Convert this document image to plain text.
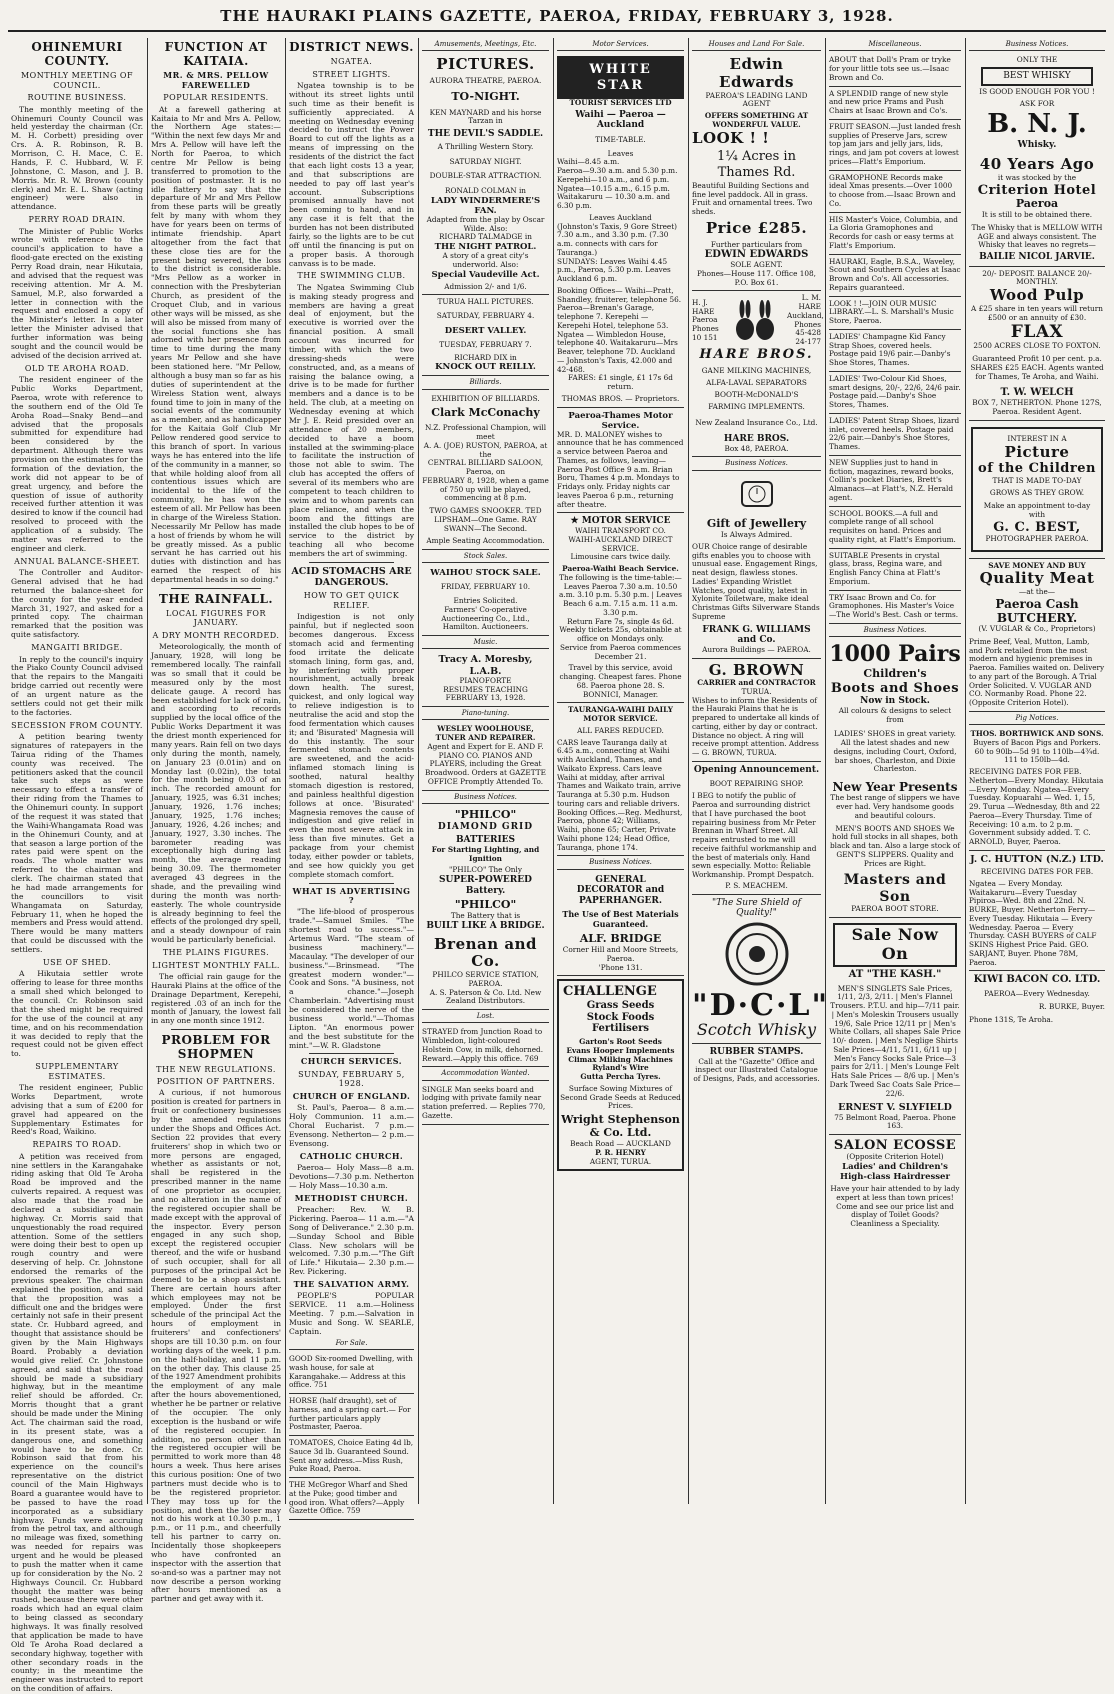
THE HAURAKI PLAINS GAZETTE, PAEROA, FRIDAY, FEBRUARY 3, 1928.
OHINEMURI COUNTY.
MONTHLY MEETING OF COUNCIL.
ROUTINE BUSINESS.

The monthly meeting of the Ohinemuri County Council was held yesterday the chairman (Cr. M. H. Corbett) presiding over Crs. A. R. Robinson, R. B. Morrison, C. H. Mace, C. E. Hands, F. C. Hubbard, W. F. Johnstone, C. Mason, and J. B. Morris. Mr. R. W. Brown (county clerk) and Mr. E. L. Shaw (acting engineer) were also in attendance.

PERRY ROAD DRAIN.

The Minister of Public Works wrote with reference to the council's application to have a flood-gate erected on the existing Perry Road drain, near Hikutaia, and advised that the request was receiving attention. Mr A. M. Samuel, M.P., also forwarded a letter in connection with the request and enclosed a copy of the Minister's letter. In a later letter the Minister advised that further information was being sought and the council would be advised of the decision arrived at.

OLD TE AROHA ROAD.

The resident engineer of the Public Works Department, Paeroa, wrote with reference to the southern end of the Old Te Aroha Road—Snaky Bend—and advised that the proposals submitted for expenditure had been considered by the department. Although there was provision on the estimates for the formation of the deviation, the work did not appear to be of great urgency, and before the question of issue of authority received further attention it was desired to know if the council had resolved to proceed with the application of a subsidy. The matter was referred to the engineer and clerk.

ANNUAL BALANCE-SHEET.

The Controller and Auditor-General advised that he had returned the balance-sheet for the county for the year ended March 31, 1927, and asked for a printed copy. The chairman remarked that the position was quite satisfactory.

MANGAITI BRIDGE.

In reply to the council's inquiry the Piako County Council advised that the repairs to the Mangaiti bridge carried out recently were of an urgent nature as the settlers could not get their milk to the factories.

SECESSION FROM COUNTY.

A petition bearing twenty signatures of ratepayers in the Tairua riding of the Thames county was received. The petitioners asked that the council take such steps as were necessary to effect a transfer of their riding from the Thames to the Ohinemuri county. In support of the request it was stated that the Waihi-Whangamata Road was in the Ohinemuri County, and at that season a large portion of the rates paid were spent on the roads. The whole matter was referred to the chairman and clerk. The chairman stated that he had made arrangements for the councillors to visit Whangamata on Saturday, February 11, when he hoped the members and Press would attend. There would be many matters that could be discussed with the settlers.

USE OF SHED.

A Hikutaia settler wrote offering to lease for three months a small shed which belonged to the council. Cr. Robinson said that the shed might be required for the use of the council at any time, and on his recommendation it was decided to reply that the request could not be given effect to.

SUPPLEMENTARY ESTIMATES.

The resident engineer, Public Works Department, wrote advising that a sum of £200 for gravel had appeared on the Supplementary Estimates for Reed's Road, Waikino.

REPAIRS TO ROAD.

A petition was received from nine settlers in the Karangahake riding asking that Old Te Aroha Road be improved and the culverts repaired. A request was also made that the road be declared a subsidiary main highway. Cr. Morris said that unquestionably the road required attention. Some of the settlers were doing their best to open up rough country and were deserving of help. Cr. Johnstone endorsed the remarks of the previous speaker. The chairman explained the position, and said that the proposition was a difficult one and the bridges were certainly not safe in their present state. Cr. Hubbard agreed, and thought that assistance should be given by the Main Highways Board. Probably a deviation would give relief. Cr. Johnstone agreed, and said that the road should be made a subsidiary highway, but in the meantime relief should be afforded. Cr. Morris thought that a grant should be made under the Mining Act. The chairman said the road, in its present state, was a dangerous one, and something would have to be done. Cr. Robinson said that from his experience on the council's representative on the district council of the Main Highways Board a guarantee would have to be passed to have the road incorporated as a subsidiary highway. Funds were accruing from the petrol tax, and although no mileage was fixed, something was needed for repairs was urgent and he would be pleased to push the matter when it came up for consideration by the No. 2 Highways Council. Cr. Hubbard thought the matter was being rushed, because there were other roads which had an equal claim to being classed as secondary highways. It was finally resolved that application be made to have Old Te Aroha Road declared a secondary highway, together with other secondary roads in the county; in the meantime the engineer was instructed to report on the condition of affairs.

FUNCTION AT KAITAIA.
MR. & MRS. PELLOW FAREWELLED
POPULAR RESIDENTS.

At a farewell gathering at Kaitaia to Mr and Mrs A. Pellow, the Northern Age states:— "Within the next few days Mr and Mrs A. Pellow will have left the North for Paeroa, to which centre Mr Pellow is being transferred to promotion to the position of postmaster. It is no idle flattery to say that the departure of Mr and Mrs Pellow from these parts will be greatly felt by many with whom they have for years been on terms of intimate friendship. Apart altogether from the fact that these close ties are for the present being severed, the loss to the district is considerable. "Mrs Pellow as a worker in connection with the Presbyterian Church, as president of the Croquet Club, and in various other ways will be missed, as she will also be missed from many of the social functions she has adorned with her presence from time to time during the many years Mr Pellow and she have been stationed here. "Mr Pellow, although a busy man so far as his duties of superintendent at the Wireless Station went, always found time to join in many of the social events of the community as a member, and as handicapper for the Kaitaia Golf Club Mr Pellow rendered good service to this branch of sport. In various ways he has entered into the life of the community in a manner, so that while holding aloof from all contentious issues which are incidental to the life of the community, he has won the esteem of all. Mr Pellow has been in charge of the Wireless Station. Necessarily Mr Pellow has made a host of friends by whom he will be greatly missed. As a public servant he has carried out his duties with distinction and has earned the respect of his departmental heads in so doing."

THE RAINFALL.
LOCAL FIGURES FOR JANUARY.
A DRY MONTH RECORDED.

Meteorologically, the month of January, 1928, will long be remembered locally. The rainfall was so small that it could be measured only by the most delicate gauge. A record has been established for lack of rain, and according to records supplied by the local office of the Public Works Department it was the driest month experienced for many years. Rain fell on two days only during the month, namely, on January 23 (0.01in) and on Monday last (0.02in), the total for the month being 0.03 of an inch. The recorded amount for January, 1925, was 6.31 inches; January, 1926, 1.76 inches; January, 1925, 1.76 inches; January, 1926, 4.26 inches; and January, 1927, 3.30 inches. The barometer reading was exceptionally high during last month, the average reading being 30.09. The thermometer averaged 43 degrees in the shade, and the prevailing wind during the month was north-easterly. The whole countryside is already beginning to feel the effects of the prolonged dry spell, and a steady downpour of rain would be particularly beneficial.

THE PLAINS FIGURES.
LIGHTEST MONTHLY FALL.

The official rain gauge for the Hauraki Plains at the office of the Drainage Department, Kerepehi, registered .03 of an inch for the month of January, the lowest fall in any one month since 1912.

PROBLEM FOR SHOPMEN
THE NEW REGULATIONS.
POSITION OF PARTNERS.

A curious, if not humorous position is created for partners in fruit or confectionery businesses by the amended regulations under the Shops and Offices Act. Section 22 provides that every fruiterers' shop in which two or more persons are engaged, whether as assistants or not, shall be registered in the prescribed manner in the name of one proprietor as occupier, and no alteration in the name of the registered occupier shall be made except with the approval of the inspector. Every person engaged in any such shop, except the registered occupier thereof, and the wife or husband of such occupier, shall for all purposes of the principal Act be deemed to be a shop assistant. There are certain hours after which employees may not be employed. Under the first schedule of the principal Act the hours of employment in fruiterers' and confectioners' shops are till 10.30 p.m. on four working days of the week, 1 p.m. on the half-holiday, and 11 p.m. on the other day. This clause 25 of the 1927 Amendment prohibits the employment of any male after the hours abovementioned, whether he be partner or relative of the occupier. The only exception is the husband or wife of the registered occupier. In addition, no person other than the registered occupier will be permitted to work more than 48 hours a week. Thus here arises this curious position: One of two partners must decide who is to be the registered proprietor. They may toss up for the position, and then the loser may not do his work at 10.30 p.m., 1 p.m., or 11 p.m., and cheerfully tell his partner to carry on. Incidentally those shopkeepers who have confronted an inspector with the assertion that so-and-so was a partner may not now describe a person working after hours mentioned as a partner and get away with it.

DISTRICT NEWS.
NGATEA.
STREET LIGHTS.

Ngatea township is to be without its street lights until such time as their benefit is sufficiently appreciated. A meeting on Wednesday evening decided to instruct the Power Board to cut off the lights as a means of impressing on the residents of the district the fact that each light costs 13 a year, and that subscriptions are needed to pay off last year's account. Subscriptions promised annually have not been coming to hand, and in any case it is felt that the burden has not been distributed fairly, so the lights are to be cut off until the financing is put on a proper basis. A thorough canvass is to be made.

THE SWIMMING CLUB.

The Ngatea Swimming Club is making steady progress and members are having a great deal of enjoyment, but the executive is worried over the financial position. A small account was incurred for timber, with which the two dressing-sheds were constructed, and, as a means of raising the balance owing, a drive is to be made for further members and a dance is to be held. The club, at a meeting on Wednesday evening at which Mr J. E. Reid presided over an attendance of 20 members, decided to have a boom installed at the swimming-place to facilitate the instruction of those not able to swim. The club has accepted the offers of several of its members who are competent to teach children to swim and to whom parents can place reliance, and when the boom and the fittings are installed the club hopes to be of service to the district by teaching all who become members the art of swimming.

ACID STOMACHS ARE DANGEROUS.
HOW TO GET QUICK RELIEF.

Indigestion is not only painful, but if neglected soon becomes dangerous. Excess stomach acid and fermenting food irritate the delicate stomach lining, form gas, and, by interfering with proper nourishment, actually break down health. The surest, quickest, and only logical way to relieve indigestion is to neutralise the acid and stop the food fermentation which causes it; and 'Bisurated' Magnesia will do this instantly. The sour fermented stomach contents are sweetened, and the acid-inflamed stomach lining is soothed, natural healthy stomach digestion is restored, and painless healthful digestion follows at once. 'Bisurated' Magnesia removes the cause of indigestion and give relief in even the most severe attack in less than five minutes. Get a package from your chemist today, either powder or tablets, and see how quickly you get complete stomach comfort.

WHAT IS ADVERTISING ?

"The life-blood of prosperous trade."—Samuel Smiles. "The shortest road to success."—Artemus Ward. "The steam of business machinery."—Macaulay. "The developer of our business."—Brinsmead. "The greatest modern wonder."—Cook and Sons. "A business, not a chance."—Joseph Chamberlain. "Advertising must be considered the nerve of the business world."—Thomas Lipton. "An enormous power and the best substitute for the mint."—W. R. Gladstone

CHURCH SERVICES.
SUNDAY, FEBRUARY 5, 1928.
CHURCH OF ENGLAND.

St. Paul's, Paeroa— 8 a.m.—Holy Communion. 11 a.m.—Choral Eucharist. 7 p.m.—Evensong. Netherton— 2 p.m.—Evensong.

CATHOLIC CHURCH.

Paeroa— Holy Mass—8 a.m. Devotions—7.30 p.m. Netherton— Holy Mass—10.30 a.m.

METHODIST CHURCH.

Preacher: Rev. W. B. Pickering. Paeroa— 11 a.m.—"A Song of Deliverance." 2.30 p.m.—Sunday School and Bible Class. New scholars will be welcomed. 7.30 p.m.—"The Gift of Life." Hikutaia— 2.30 p.m.—Rev. Pickering.

THE SALVATION ARMY.

PEOPLE'S POPULAR SERVICE. 11 a.m.—Holiness Meeting. 7 p.m.—Salvation in Music and Song. W. SEARLE, Captain.

For Sale.
GOOD Six-roomed Dwelling, with wash house, for sale at Karangahake.— Address at this office. 751
HORSE (half draught), set of harness, and a spring cart.— For further particulars apply Postmaster, Paeroa.
TOMATOES, Choice Eating 4d lb, Sauce 3d lb. Guaranteed Sound. Sent any address.—Miss Rush, Puke Road, Paeroa.
THE McGregor Wharf and Shed at the Puke; good timber and good iron. What offers?—Apply Gazette Office. 759
Amusements, Meetings, Etc.
PICTURES.
AURORA THEATRE, PAEROA.
TO-NIGHT.
KEN MAYNARD and his horse Tarzan in
THE DEVIL'S SADDLE.
A Thrilling Western Story.
SATURDAY NIGHT.
DOUBLE-STAR ATTRACTION.
RONALD COLMAN in
LADY WINDERMERE'S FAN.
Adapted from the play by Oscar Wilde. Also:
RICHARD TALMADGE in
THE NIGHT PATROL.
A story of a great city's underworld. Also:
Special Vaudeville Act.
Admission 2/- and 1/6.
TURUA HALL PICTURES.
SATURDAY, FEBRUARY 4.
DESERT VALLEY.
TUESDAY, FEBRUARY 7.
RICHARD DIX in
KNOCK OUT REILLY.
Billiards.
EXHIBITION OF BILLIARDS.
Clark McConachy
N.Z. Professional Champion, will meet
A. A. (JOE) RUSTON, PAEROA, at the
CENTRAL BILLIARD SALOON, Paeroa, on
FEBRUARY 8, 1928, when a game of 750 up will be played, commencing at 8 p.m.
TWO GAMES SNOOKER. TED LIPSHAM—One Game. RAY SWANN—The Second.
Ample Seating Accommodation.
Stock Sales.
WAIHOU STOCK SALE.
FRIDAY, FEBRUARY 10.
Entries Solicited.
Farmers' Co-operative Auctioneering Co., Ltd., Hamilton. Auctioneers.
Music.
Tracy A. Moresby, L.A.B.
PIANOFORTE
RESUMES TEACHING
FEBRUARY 13, 1928.
Piano-tuning.
WESLEY WOOLHOUSE, TUNER AND REPAIRER.
Agent and Expert for E. AND F. PIANO CO. PIANOS AND PLAYERS, including the Great Broadwood. Orders at GAZETTE OFFICE Promptly Attended To.
Business Notices.
"PHILCO"
DIAMOND GRID
BATTERIES
For Starting Lighting, and Ignition
"PHILCO" The Only
SUPER-POWERED
Battery.
"PHILCO"
The Battery that is
BUILT LIKE A BRIDGE.
Brenan and Co.
PHILCO SERVICE STATION, PAEROA.
A. S. Paterson & Co. Ltd. New Zealand Distributors.
Lost.
STRAYED from Junction Road to Wimbledon, light-coloured Holstein Cow, in milk, dehorned. Reward.—Apply this office. 769
Accommodation Wanted.
SINGLE Man seeks board and lodging with private family near station preferred. — Replies 770, Gazette.
Motor Services.
WHITE STAR
TOURIST SERVICES LTD
Waihi — Paeroa — Auckland
TIME-TABLE.
Leaves
Waihi—8.45 a.m.
Paeroa—9.30 a.m. and 5.30 p.m.
Kerepehi—10 a.m., and 6 p.m.
Ngatea—10.15 a.m., 6.15 p.m.
Waitakaruru — 10.30 a.m. and 6.30 p.m.
Leaves Auckland
(Johnston's Taxis, 9 Gore Street) 7.30 a.m., and 3.30 p.m. (7.30 a.m. connects with cars for Tauranga.)
SUNDAYS: Leaves Waihi 4.45 p.m., Paeroa, 5.30 p.m. Leaves Auckland 6 p.m.
Booking Offices— Waihi—Pratt, Shandley, fruiterer, telephone 56. Paeroa—Brenan's Garage, telephone 7. Kerepehi — Kerepehi Hotel, telephone 53. Ngatea — Wimbledon House, telephone 40. Waitakaruru—Mrs Beaver, telephone 7D. Auckland — Johnston's Taxis, 42.000 and 42-468.
FARES: £1 single, £1 17s 6d return.
THOMAS BROS. — Proprietors.
Paeroa-Thames Motor Service.
MR. D. MALONEY wishes to announce that he has commenced a service between Paeroa and Thames, as follows, leaving— Paeroa Post Office 9 a.m. Brian Boru, Thames 4 p.m. Mondays to Fridays only. Friday nights car leaves Paeroa 6 p.m., returning after theatre.
★ MOTOR SERVICE
WAIHI TRANSPORT CO.
WAIHI-AUCKLAND DIRECT SERVICE.
Limousine cars twice daily.
Paeroa-Waihi Beach Service.
The following is the time-table:—
Leaves Paeroa 7.30 a.m. 10.50 a.m. 3.10 p.m. 5.30 p.m. | Leaves Beach 6 a.m. 7.15 a.m. 11 a.m. 3.30 p.m.
Return Fare 7s, single 4s 6d.
Weekly tickets 25s, obtainable at office on Mondays only.
Service from Paeroa commences December 21.
Travel by this service, avoid changing. Cheapest fares. Phone 68. Paeroa phone 28. S. BONNICI, Manager.
TAURANGA-WAIHI DAILY MOTOR SERVICE.
ALL FARES REDUCED.
CARS leave Tauranga daily at 6.45 a.m., connecting at Waihi with Auckland, Thames, and Waikato Express. Cars leave Waihi at midday, after arrival Thames and Waikato train, arrive Tauranga at 5.30 p.m. Hudson touring cars and reliable drivers. Booking Offices.—Reg. Medhurst, Paeroa, phone 42; Williams, Waihi, phone 65; Carter, Private Waihi phone 124; Head Office, Tauranga, phone 174.
Business Notices.
GENERAL
DECORATOR and PAPERHANGER.
The Use of Best Materials Guaranteed.
ALF. BRIDGE
Corner Hill and Moore Streets, Paeroa.
'Phone 131.
CHALLENGE
Grass Seeds
Stock Foods
Fertilisers
Garton's Root Seeds
Evans Hooper Implements
Climax Milking Machines
Ryland's Wire
Gutta Percha Tyres.
Surface Sowing Mixtures of Second Grade Seeds at Reduced Prices.
Wright Stephenson & Co. Ltd.
Beach Road — AUCKLAND
P. R. HENRY
AGENT, TURUA.
Houses and Land For Sale.
Edwin Edwards
PAEROA'S LEADING LAND AGENT
OFFERS SOMETHING AT WONDERFUL VALUE.
LOOK ! !
1¼ Acres in Thames Rd.
Beautiful Building Sections and fine level paddock. All in grass. Fruit and ornamental trees. Two sheds.
Price £285.
Further particulars from
EDWIN EDWARDS
SOLE AGENT.
Phones—House 117. Office 108, P.O. Box 61.
H. J. HARE Paeroa Phones 10 151
L. M. HARE Auckland, Phones 45-428 24-177
HARE BROS.
GANE MILKING MACHINES,
ALFA-LAVAL SEPARATORS
BOOTH-McDONALD'S
FARMING IMPLEMENTS.
New Zealand Insurance Co., Ltd.
HARE BROS.
Box 48, PAEROA.
Business Notices.
Gift of Jewellery
Is Always Admired.
OUR Choice range of desirable gifts enables you to choose with unusual ease. Engagement Rings, neat design, flawless stones. Ladies' Expanding Wristlet Watches, good quality, latest in Xylonite Toiletware, make ideal Christmas Gifts Silverware Stands Supreme
FRANK G. WILLIAMS and Co.
Aurora Buildings — PAEROA.
G. BROWN
CARRIER and CONTRACTOR
TURUA.
Wishes to inform the Residents of the Hauraki Plains that he is prepared to undertake all kinds of carting, either by day or contract. Distance no object. A ring will receive prompt attention. Address — G. BROWN, TURUA.
Opening Announcement.
BOOT REPAIRING SHOP.
I BEG to notify the public of Paeroa and surrounding district that I have purchased the boot repairing business from Mr Peter Brennan in Wharf Street. All repairs entrusted to me will receive faithful workmanship and the best of materials only. Hand sewn especially. Motto: Reliable Workmanship. Prompt Despatch.
P. S. MEACHEM.
"The Sure Shield of Quality!"
"D·C·L"
Scotch Whisky
RUBBER STAMPS.
Call at the "Gazette" Office and inspect our Illustrated Catalogue of Designs, Pads, and accessories.
Miscellaneous.
ABOUT that Doll's Pram or tryke for your little tots see us.—Isaac Brown and Co.
A SPLENDID range of new style and new price Prams and Push Chairs at Isaac Brown and Co's.
FRUIT SEASON.—Just landed fresh supplies of Preserve Jars, screw top jam jars and jelly jars, lids, rings, and jam pot covers at lowest prices—Flatt's Emporium.
GRAMOPHONE Records make ideal Xmas presents.—Over 1000 to choose from.—Isaac Brown and Co.
HIS Master's Voice, Columbia, and La Gloria Gramophones and Records for cash or easy terms at Flatt's Emporium.
HAURAKI, Eagle, B.S.A., Waveley, Scout and Southern Cycles at Isaac Brown and Co's. All accessories. Repairs guaranteed.
LOOK ! !—JOIN OUR MUSIC LIBRARY.—L. S. Marshall's Music Store, Paeroa.
LADIES' Champagne Kid Fancy Strap Shoes, covered heels. Postage paid 19/6 pair.—Danby's Shoe Stores, Thames.
LADIES' Two-Colour Kid Shoes, smart designs, 20/-, 22/6, 24/6 pair. Postage paid.—Danby's Shoe Stores, Thames.
LADIES' Patent Strap Shoes, lizard inlet, covered heels. Postage paid 22/6 pair.—Danby's Shoe Stores, Thames.
NEW Supplies just to hand in fiction, magazines, reward books, Collin's pocket Diaries, Brett's Almanacs—at Flatt's, N.Z. Herald agent.
SCHOOL BOOKS.—A full and complete range of all school requisites on hand. Prices and quality right, at Flatt's Emporium.
SUITABLE Presents in crystal glass, brass, Regina ware, and English Fancy China at Flatt's Emporium.
TRY Isaac Brown and Co. for Gramophones. His Master's Voice—The World's Best. Cash or terms.
Business Notices.
1000 Pairs
Children's
Boots and Shoes
Now in Stock.
All colours & designs to select from
LADIES' SHOES in great variety. All the latest shades and new designs, including Court, Oxford, bar shoes, Charleston, and Dixie Charleston.
New Year Presents
The best range of slippers we have ever had. Very handsome goods and beautiful colours.
MEN'S BOOTS AND SHOES We hold full stocks in all shapes, both black and tan. Also a large stock of GENT'S SLIPPERS. Quality and Prices are Right.
Masters and Son
PAEROA BOOT STORE.
Sale Now On
AT "THE KASH."
MEN'S SINGLETS Sale Prices, 1/11, 2/3, 2/11. | Men's Flannel Trousers. P.T.U. and hip—7/11 pair. | Men's Moleskin Trousers usually 19/6, Sale Price 12/11 pr | Men's White Collars, all shapes Sale Price 10/- dozen. | Men's Neglige Shirts Sale Prices—4/11, 5/11, 6/11 up | Men's Fancy Socks Sale Price—3 pairs for 2/11. | Men's Lounge Felt Hats Sale Prices — 8/6 up. | Men's Dark Tweed Sac Coats Sale Price—22/6.
ERNEST V. SLYFIELD
75 Belmont Road, Paeroa. Phone 163.
SALON ECOSSE
(Opposite Criterion Hotel)
Ladies' and Children's High-class Hairdresser
Have your hair attended to by lady expert at less than town prices! Come and see our price list and display of Toilet Goods? Cleanliness a Speciality.
Business Notices.
ONLY THE
BEST WHISKY
IS GOOD ENOUGH FOR YOU !
ASK FOR
B. N. J.
Whisky.
40 Years Ago
it was stocked by the
Criterion Hotel
Paeroa
It is still to be obtained there.
The Whisky that is MELLOW WITH AGE and always consistent. The Whisky that leaves no regrets—
BAILIE NICOL JARVIE.
20/- DEPOSIT. BALANCE 20/- MONTHLY.
Wood Pulp
A £25 share in ten years will return £500 or an annuity of £30.
FLAX
2500 ACRES CLOSE TO FOXTON.
Guaranteed Profit 10 per cent. p.a. SHARES £25 EACH. Agents wanted for Thames, Te Aroha, and Waihi.
T. W. WELCH
BOX 7, NETHERTON. Phone 127S, Paeroa. Resident Agent.
INTEREST IN A
Picture
of the Children
THAT IS MADE TO-DAY
GROWS AS THEY GROW.
Make an appointment to-day with
G. C. BEST,
PHOTOGRAPHER PAEROA.
SAVE MONEY AND BUY
Quality Meat
—at the—
Paeroa Cash BUTCHERY.
(V. VUGLAR & Co., Proprietors)
Prime Beef, Veal, Mutton, Lamb, and Pork retailed from the most modern and hygienic premises in Paeroa. Families waited on. Delivery to any part of the Borough. A Trial Order Solicited. V. VUGLAR AND CO. Normanby Road. Phone 22. (Opposite Criterion Hotel).
Pig Notices.
THOS. BORTHWICK AND SONS.
Buyers of Bacon Pigs and Porkers. 60 to 90lb—5d 91 to 110lb—4¾d. 111 to 150lb—4d.
RECEIVING DATES FOR FEB. Netherton—Every Monday. Hikutaia—Every Monday. Ngatea—Every Tuesday. Kopuarahi — Wed. 1, 15, 29. Turua —Wednesday, 8th and 22 Paeroa—Every Thursday. Time of Receiving: 10 a.m. to 2 p.m. Government subsidy added. T. C. ARNOLD, Buyer, Paeroa.
J. C. HUTTON (N.Z.) LTD.
RECEIVING DATES FOR FEB.
Ngatea — Every Monday. Waitakaruru—Every Tuesday Pipiroa—Wed. 8th and 22nd. N. BURKE, Buyer. Netherton Ferry—Every Tuesday. Hikutaia — Every Wednesday. Paeroa — Every Thursday. CASH BUYERS of CALF SKINS Highest Price Paid. GEO. SARJANT, Buyer. Phone 78M, Paeroa.
KIWI BACON CO. LTD.
PAEROA—Every Wednesday.
R. BURKE, Buyer.
Phone 131S, Te Aroha.
